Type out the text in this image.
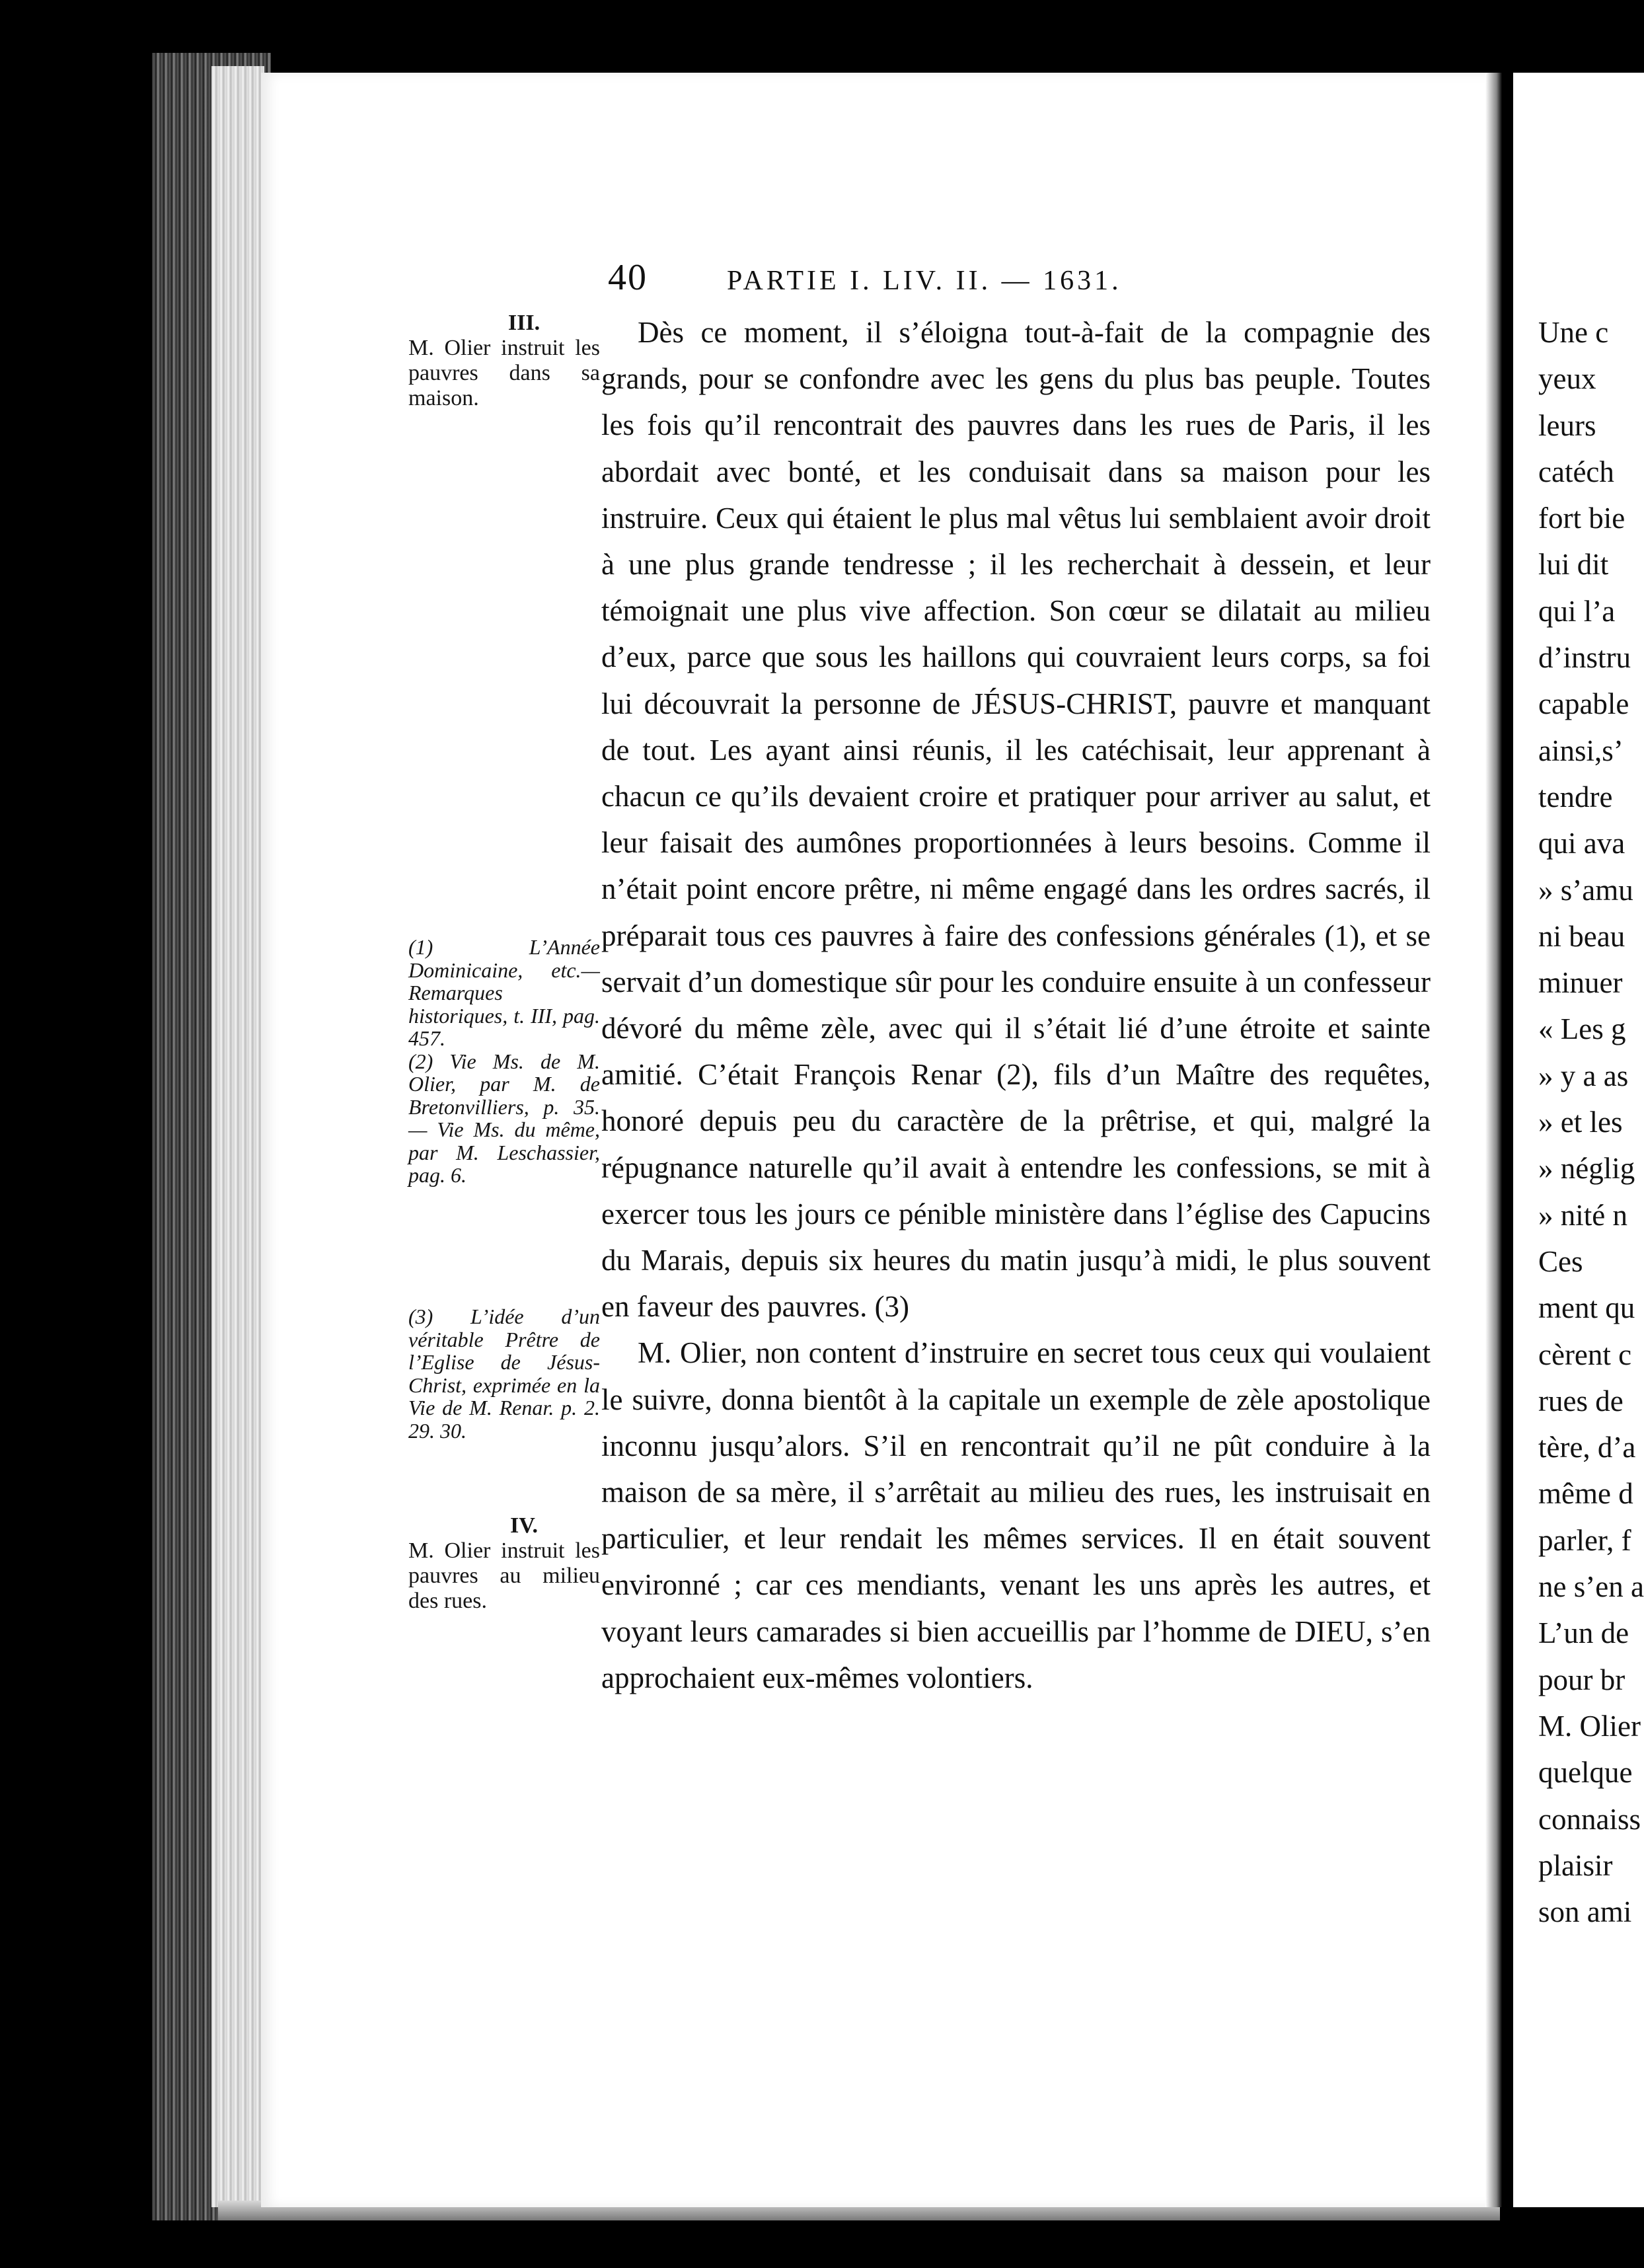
40	PARTIE I. LIV. II. — 1631.
III.
M. Olier instruit les pauvres dans sa maison.
(1) L’Année Dominicaine, etc.— Remarques historiques, t. III, pag. 457.
(2) Vie Ms. de M. Olier, par M. de Bretonvilliers, p. 35. — Vie Ms. du même, par M. Leschassier, pag. 6.
(3) L’idée d’un véritable Prêtre de l’Eglise de Jésus-Christ, exprimée en la Vie de M. Renar. p. 2. 29. 30.
IV.
M. Olier instruit les pauvres au milieu des rues.

Dès ce moment, il s’éloigna tout-à-fait de la compagnie des grands, pour se confondre avec les gens du plus bas peuple. Toutes les fois qu’il rencontrait des pauvres dans les rues de Paris, il les abordait avec bonté, et les conduisait dans sa maison pour les instruire. Ceux qui étaient le plus mal vêtus lui semblaient avoir droit à une plus grande tendresse ; il les recherchait à dessein, et leur témoignait une plus vive affection. Son cœur se dilatait au milieu d’eux, parce que sous les haillons qui couvraient leurs corps, sa foi lui découvrait la personne de JÉSUS-CHRIST, pauvre et manquant de tout. Les ayant ainsi réunis, il les catéchisait, leur apprenant à chacun ce qu’ils devaient croire et pratiquer pour arriver au salut, et leur faisait des aumônes proportionnées à leurs besoins. Comme il n’était point encore prêtre, ni même engagé dans les ordres sacrés, il préparait tous ces pauvres à faire des confessions générales (1), et se servait d’un domestique sûr pour les conduire ensuite à un confesseur dévoré du même zèle, avec qui il s’était lié d’une étroite et sainte amitié. C’était François Renar (2), fils d’un Maître des requêtes, honoré depuis peu du caractère de la prêtrise, et qui, malgré la répugnance naturelle qu’il avait à entendre les confessions, se mit à exercer tous les jours ce pénible ministère dans l’église des Capucins du Marais, depuis six heures du matin jusqu’à midi, le plus souvent en faveur des pauvres. (3)

M. Olier, non content d’instruire en secret tous ceux qui voulaient le suivre, donna bientôt à la capitale un exemple de zèle apostolique inconnu jusqu’alors. S’il en rencontrait qu’il ne pût conduire à la maison de sa mère, il s’arrêtait au milieu des rues, les instruisait en particulier, et leur rendait les mêmes services. Il en était souvent environné ; car ces mendiants, venant les uns après les autres, et voyant leurs camarades si bien accueillis par l’homme de DIEU, s’en approchaient eux-mêmes volontiers.

Une c
yeux
leurs
catéch
fort bie
lui dit
qui l’a
d’instru
capable
ainsi,s’
tendre
qui ava
» s’amu
ni beau
minuer
« Les g
» y a as
» et les
» néglig
» nité n
Ces
ment qu
cèrent c
rues de
tère, d’a
même d
parler, f
ne s’en a
L’un de
pour br
M. Olier
quelque
connaiss
plaisir
son ami
